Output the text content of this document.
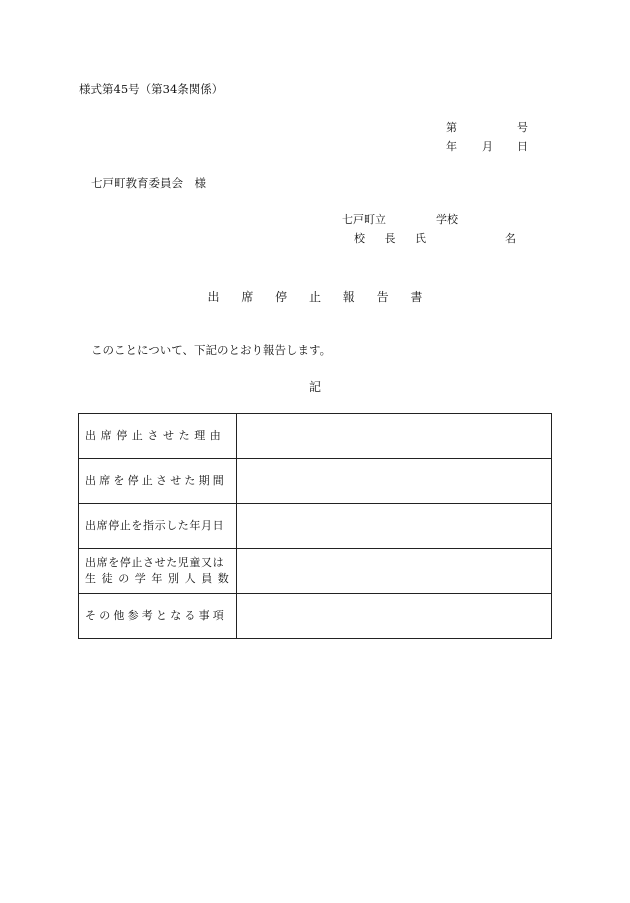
様式第45号（第34条関係）
第	号
年 月 日
七戸町教育委員会　様
七戸町立	学校
校 長 氏	名
出 席 停 止 報 告 書
このことについて、下記のとおり報告します。
記
出席停止させた理由	
出席を停止させた期間	
出席停止を指示した年月日	

出席を停止させた児童又は
生徒の学年別人員数	

その他参考となる事項	
